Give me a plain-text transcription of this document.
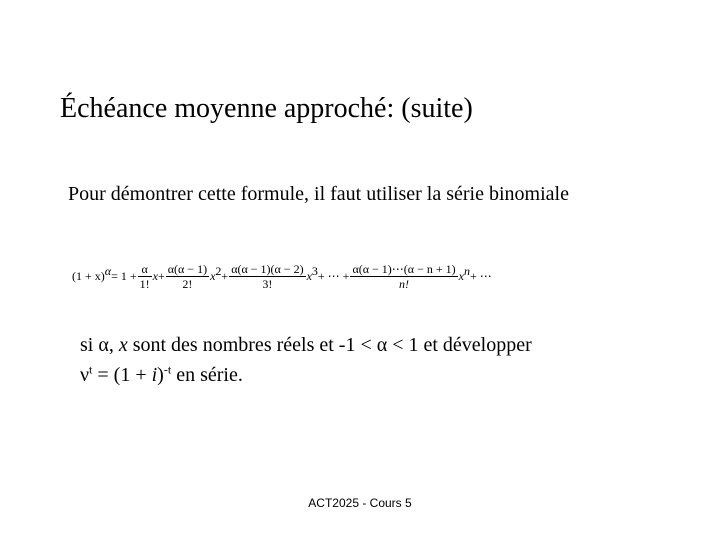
Échéance moyenne approché: (suite)
Pour démontrer cette formule, il faut utiliser la série binomiale
$(1 + x)^\alpha= 1 + \frac{\alpha}{1!} x+ \frac{\alpha(\alpha - 1)}{2!} x^2+ \frac{\alpha(\alpha - 1)(\alpha - 2)}{3!} x^3+$ ⋯ + $\frac{\alpha(\alpha - 1)\cdots(\alpha - n + 1)}{n!} x^n+$ ⋯
si α, x sont des nombres réels et -1 < α < 1 et développer
$\nu^t = (1 + i)^{-t}$ en série.
ACT2025 - Cours 5
